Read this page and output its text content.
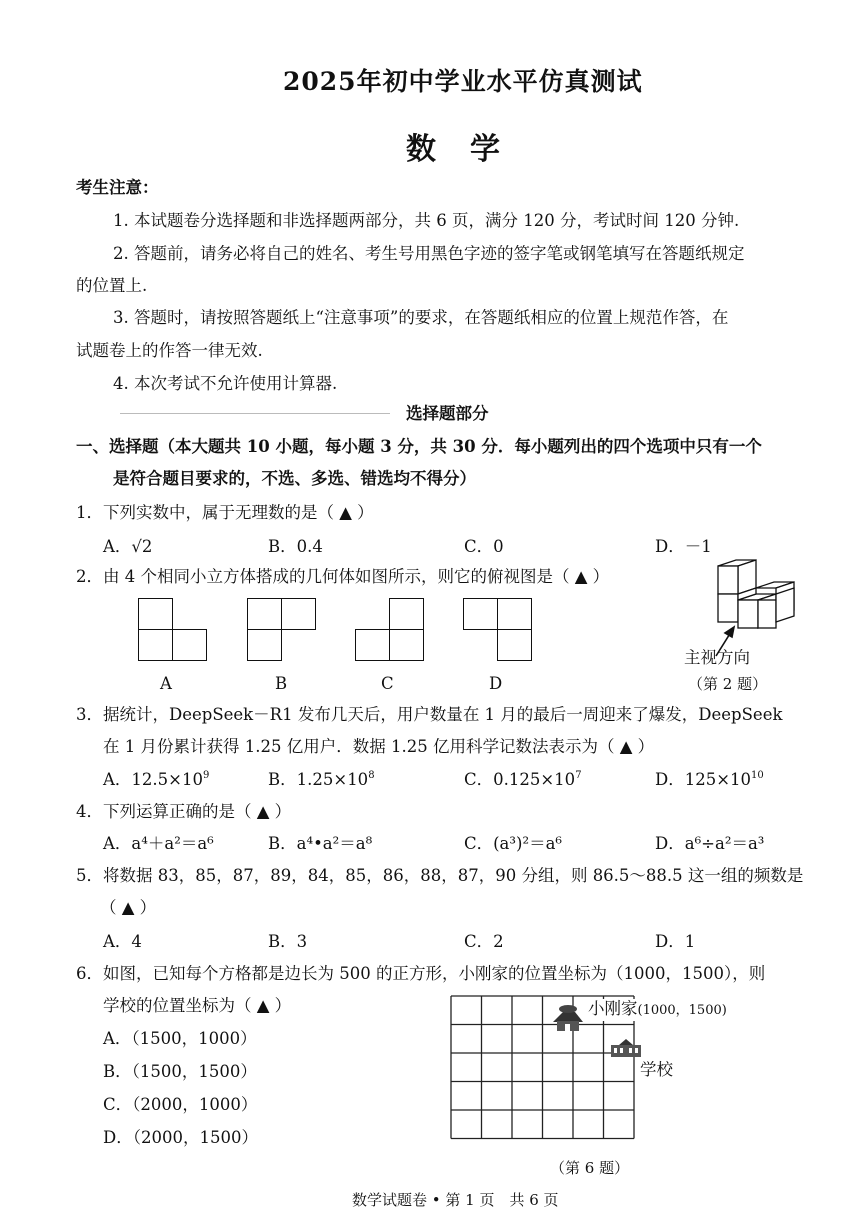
2025年初中学业水平仿真测试
数学
考生注意：
1. 本试题卷分选择题和非选择题两部分，共 6 页，满分 120 分，考试时间 120 分钟.
2. 答题前，请务必将自己的姓名、考生号用黑色字迹的签字笔或钢笔填写在答题纸规定
的位置上.
3. 答题时，请按照答题纸上“注意事项”的要求，在答题纸相应的位置上规范作答，在
试题卷上的作答一律无效.
4. 本次考试不允许使用计算器.
选择题部分
一、选择题（本大题共 10 小题，每小题 3 分，共 30 分．每小题列出的四个选项中只有一个
是符合题目要求的，不选、多选、错选均不得分）
1．下列实数中，属于无理数的是（ ▲ ）
A．√2	B．0.4	C．0	D．－1
2．由 4 个相同小立方体搭成的几何体如图所示，则它的俯视图是（ ▲ ）
A	B	C	D
主视方向
（第 2 题）
3．据统计，DeepSeek－R1 发布几天后，用户数量在 1 月的最后一周迎来了爆发，DeepSeek
在 1 月份累计获得 1.25 亿用户．数据 1.25 亿用科学记数法表示为（ ▲ ）
A．$12.5\times 10^9$	B．$1.25\times 10^8$	C．$0.125\times 10^7$	D．$125\times 10^{10}$
4．下列运算正确的是（ ▲ ）
A．a⁴＋a²＝a⁶	B．a⁴•a²＝a⁸	C．(a³)²＝a⁶	D．a⁶÷a²＝a³
5．将数据 83，85，87，89，84，85，86，88，87，90 分组，则 86.5～88.5 这一组的频数是
（ ▲ ）
A．4	B．3	C．2	D．1
6．如图，已知每个方格都是边长为 500 的正方形，小刚家的位置坐标为（1000，1500），则
学校的位置坐标为（ ▲ ）
A．（1500，1000）
B．（1500，1500）
C．（2000，1000）
D．（2000，1500）
小刚家(1000，1500)
学校
（第 6 题）
数学试题卷 • 第 1 页　共 6 页
